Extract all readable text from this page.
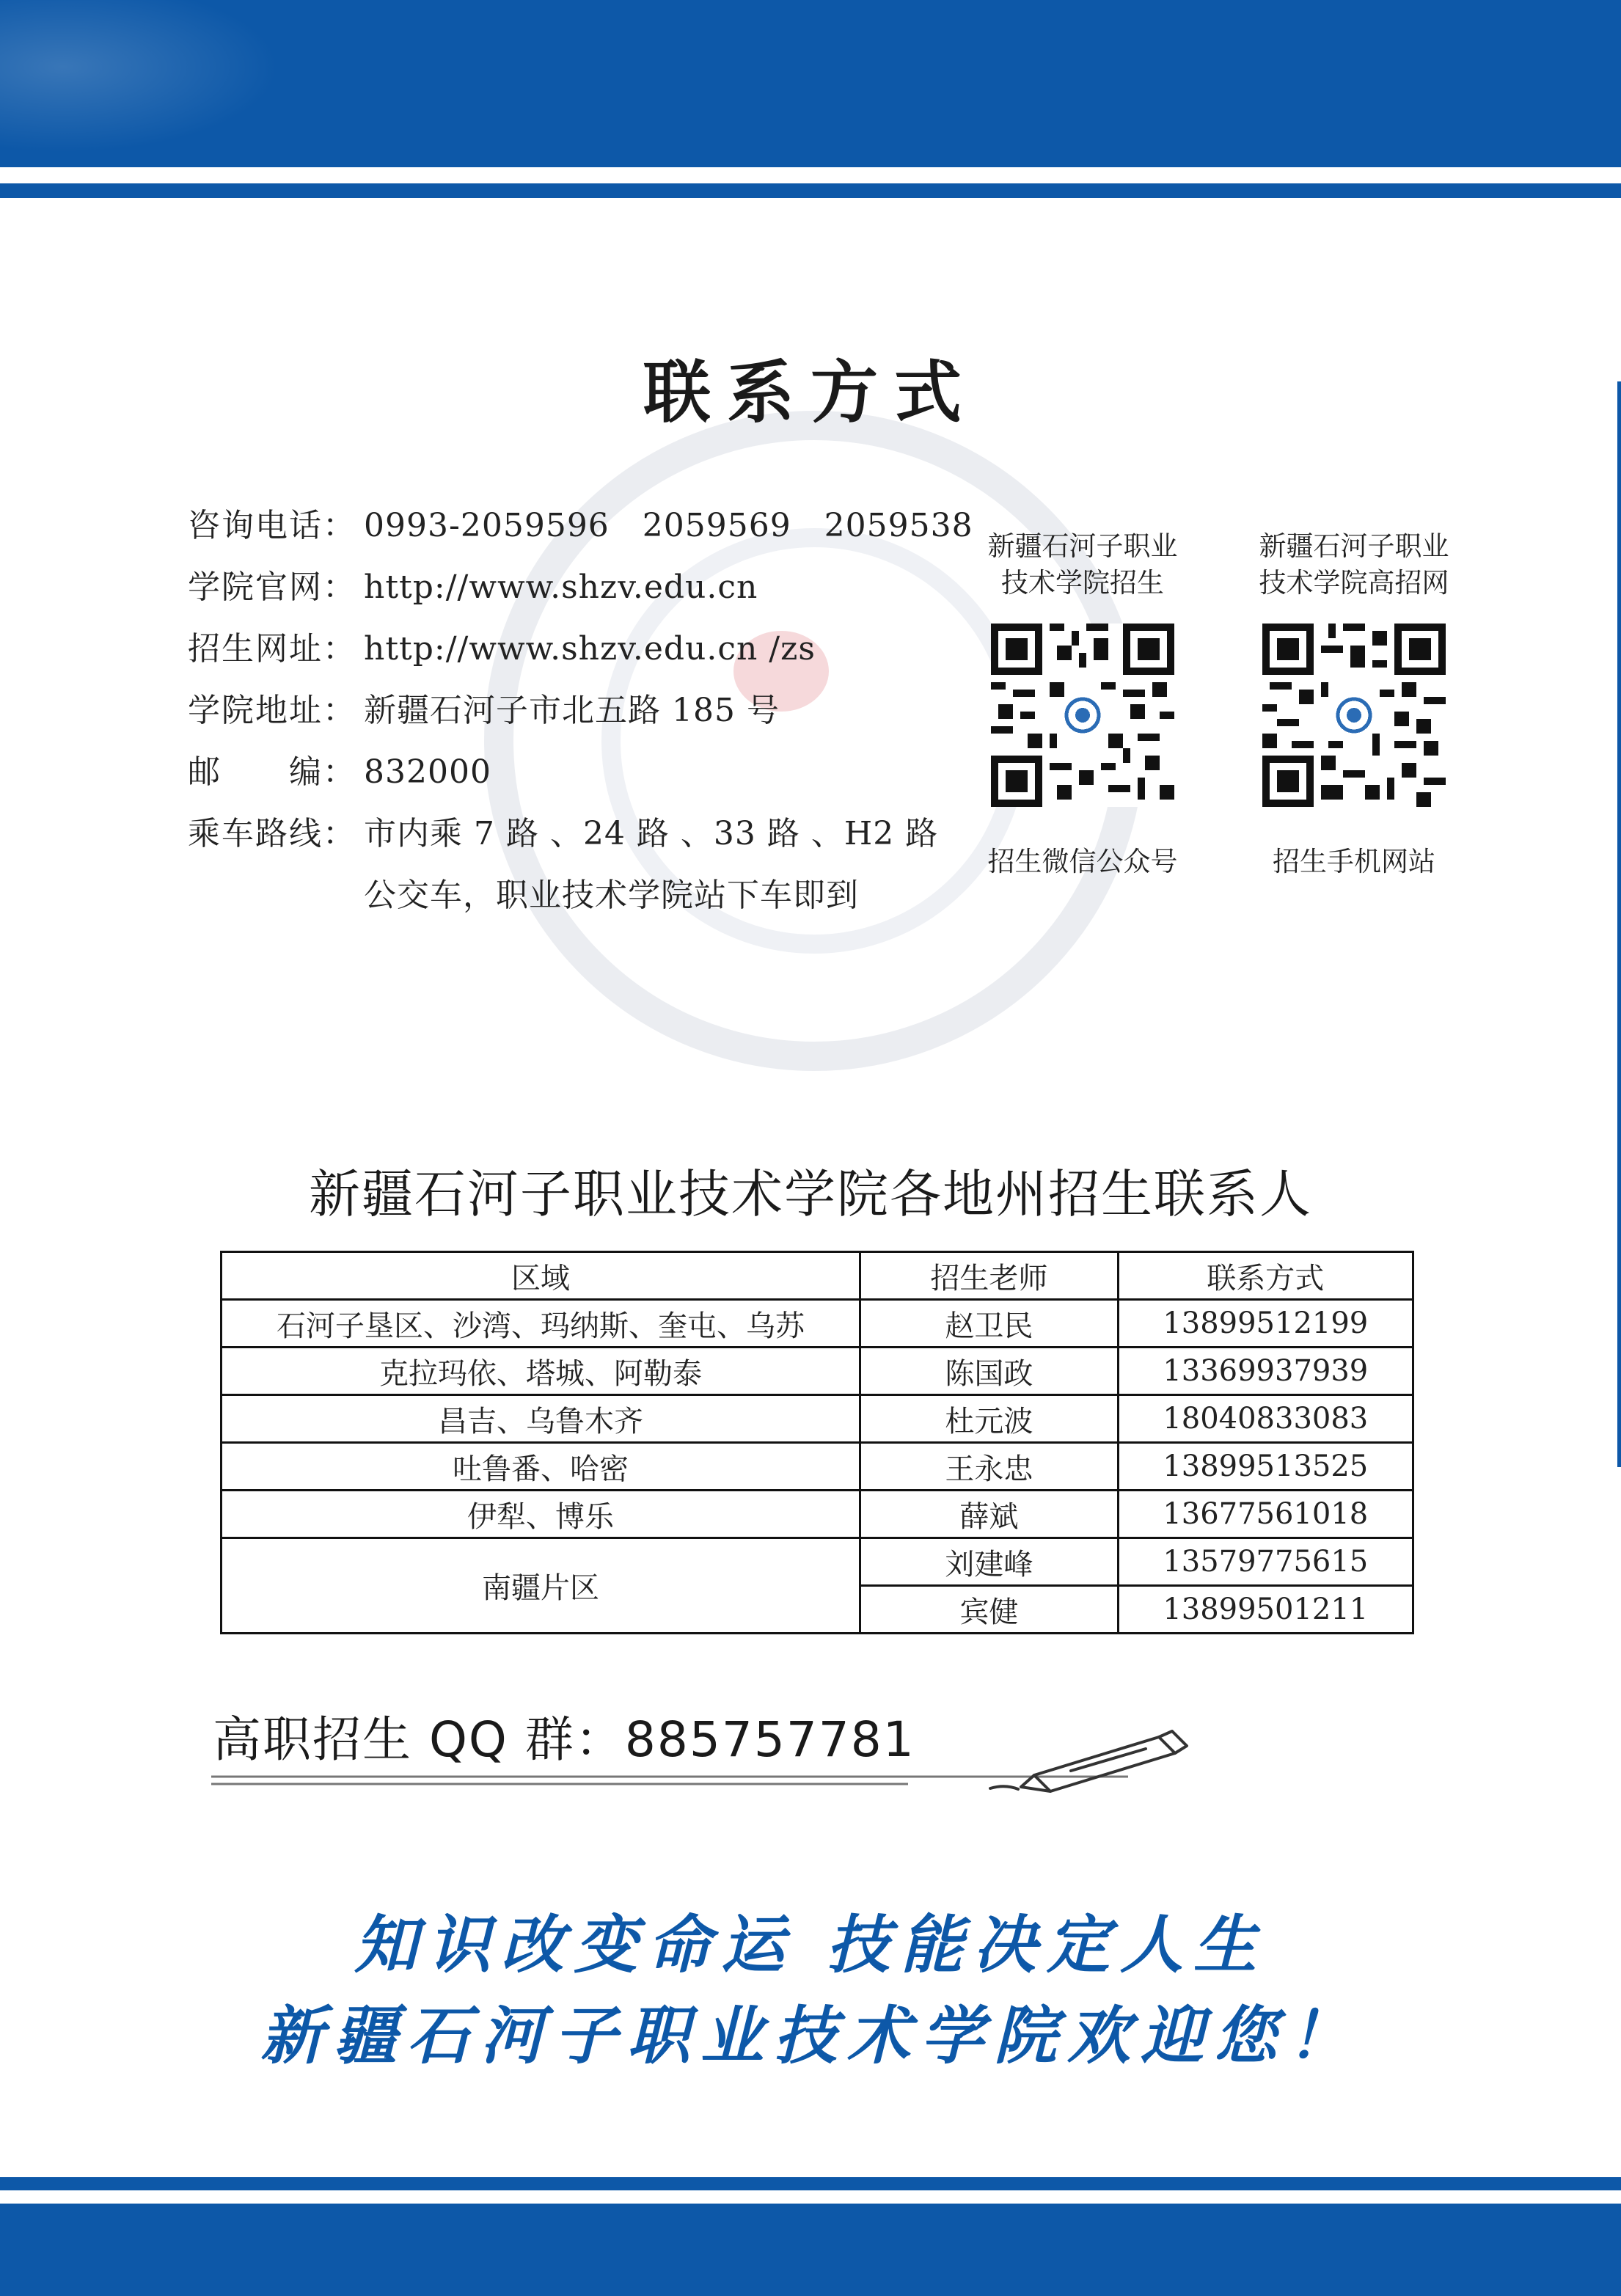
联系方式
咨询电话： 0993-2059596   2059569   2059538
学院官网： http://www.shzv.edu.cn
招生网址： http://www.shzv.edu.cn /zs
学院地址： 新疆石河子市北五路 185 号
邮　　编： 832000
乘车路线： 市内乘 7 路 、24 路 、33 路 、H2 路
公交车，职业技术学院站下车即到
新疆石河子职业
技术学院招生
招生微信公众号
新疆石河子职业
技术学院高招网
招生手机网站
新疆石河子职业技术学院各地州招生联系人
区域	招生老师	联系方式
石河子垦区、沙湾、玛纳斯、奎屯、乌苏	赵卫民	13899512199
克拉玛依、塔城、阿勒泰	陈国政	13369937939
昌吉、乌鲁木齐	杜元波	18040833083
吐鲁番、哈密	王永忠	13899513525
伊犁、博乐	薛斌	13677561018
南疆片区	刘建峰	13579775615
	宾健	13899501211
高职招生 QQ 群：885757781
知识改变命运 技能决定人生
新疆石河子职业技术学院欢迎您！
